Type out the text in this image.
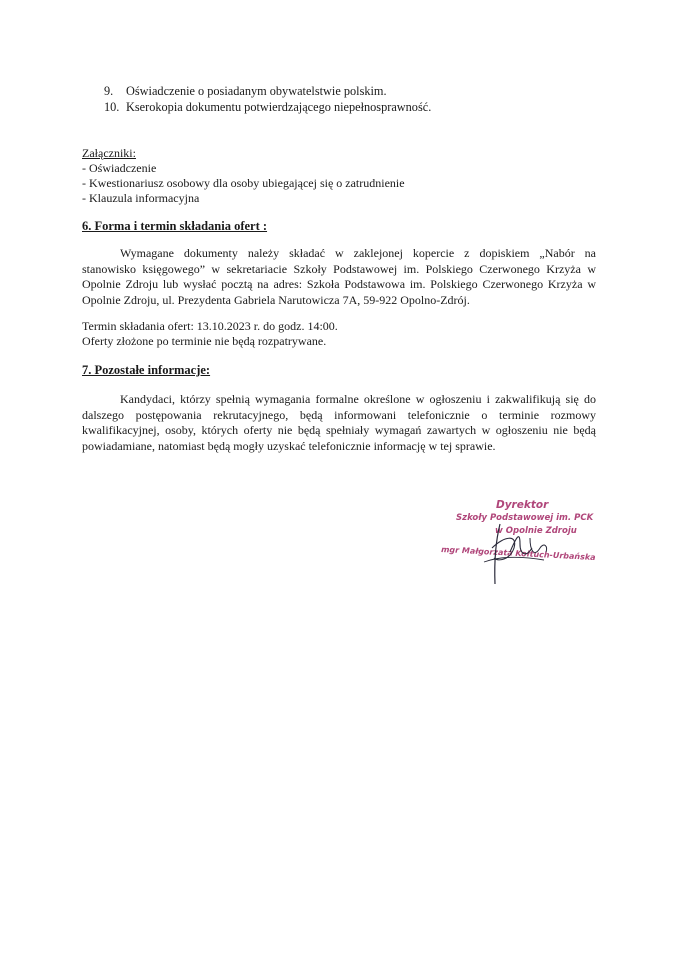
9. Oświadczenie o posiadanym obywatelstwie polskim.
10. Kserokopia dokumentu potwierdzającego niepełnosprawność.
Załączniki:
- Oświadczenie
- Kwestionariusz osobowy dla osoby ubiegającej się o zatrudnienie
- Klauzula informacyjna
6. Forma i termin składania ofert :
Wymagane dokumenty należy składać w zaklejonej kopercie z dopiskiem „Nabór na
stanowisko księgowego” w sekretariacie Szkoły Podstawowej im. Polskiego Czerwonego Krzyża w
Opolnie Zdroju lub wysłać pocztą na adres: Szkoła Podstawowa im. Polskiego Czerwonego Krzyża w
Opolnie Zdroju, ul. Prezydenta Gabriela Narutowicza 7A, 59-922 Opolno-Zdrój.
Termin składania ofert: 13.10.2023 r. do godz. 14:00.
Oferty złożone po terminie nie będą rozpatrywane.
7. Pozostałe informacje:
Kandydaci, którzy spełnią wymagania formalne określone w ogłoszeniu i zakwalifikują się do
dalszego postępowania rekrutacyjnego, będą informowani telefonicznie o terminie rozmowy
kwalifikacyjnej, osoby, których oferty nie będą spełniały wymagań zawartych w ogłoszeniu nie będą
powiadamiane, natomiast będą mogły uzyskać telefonicznie informację w tej sprawie.
Dyrektor
Szkoły Podstawowej im. PCK
w Opolnie Zdroju
mgr Małgorzata Kołtuch-Urbańska
